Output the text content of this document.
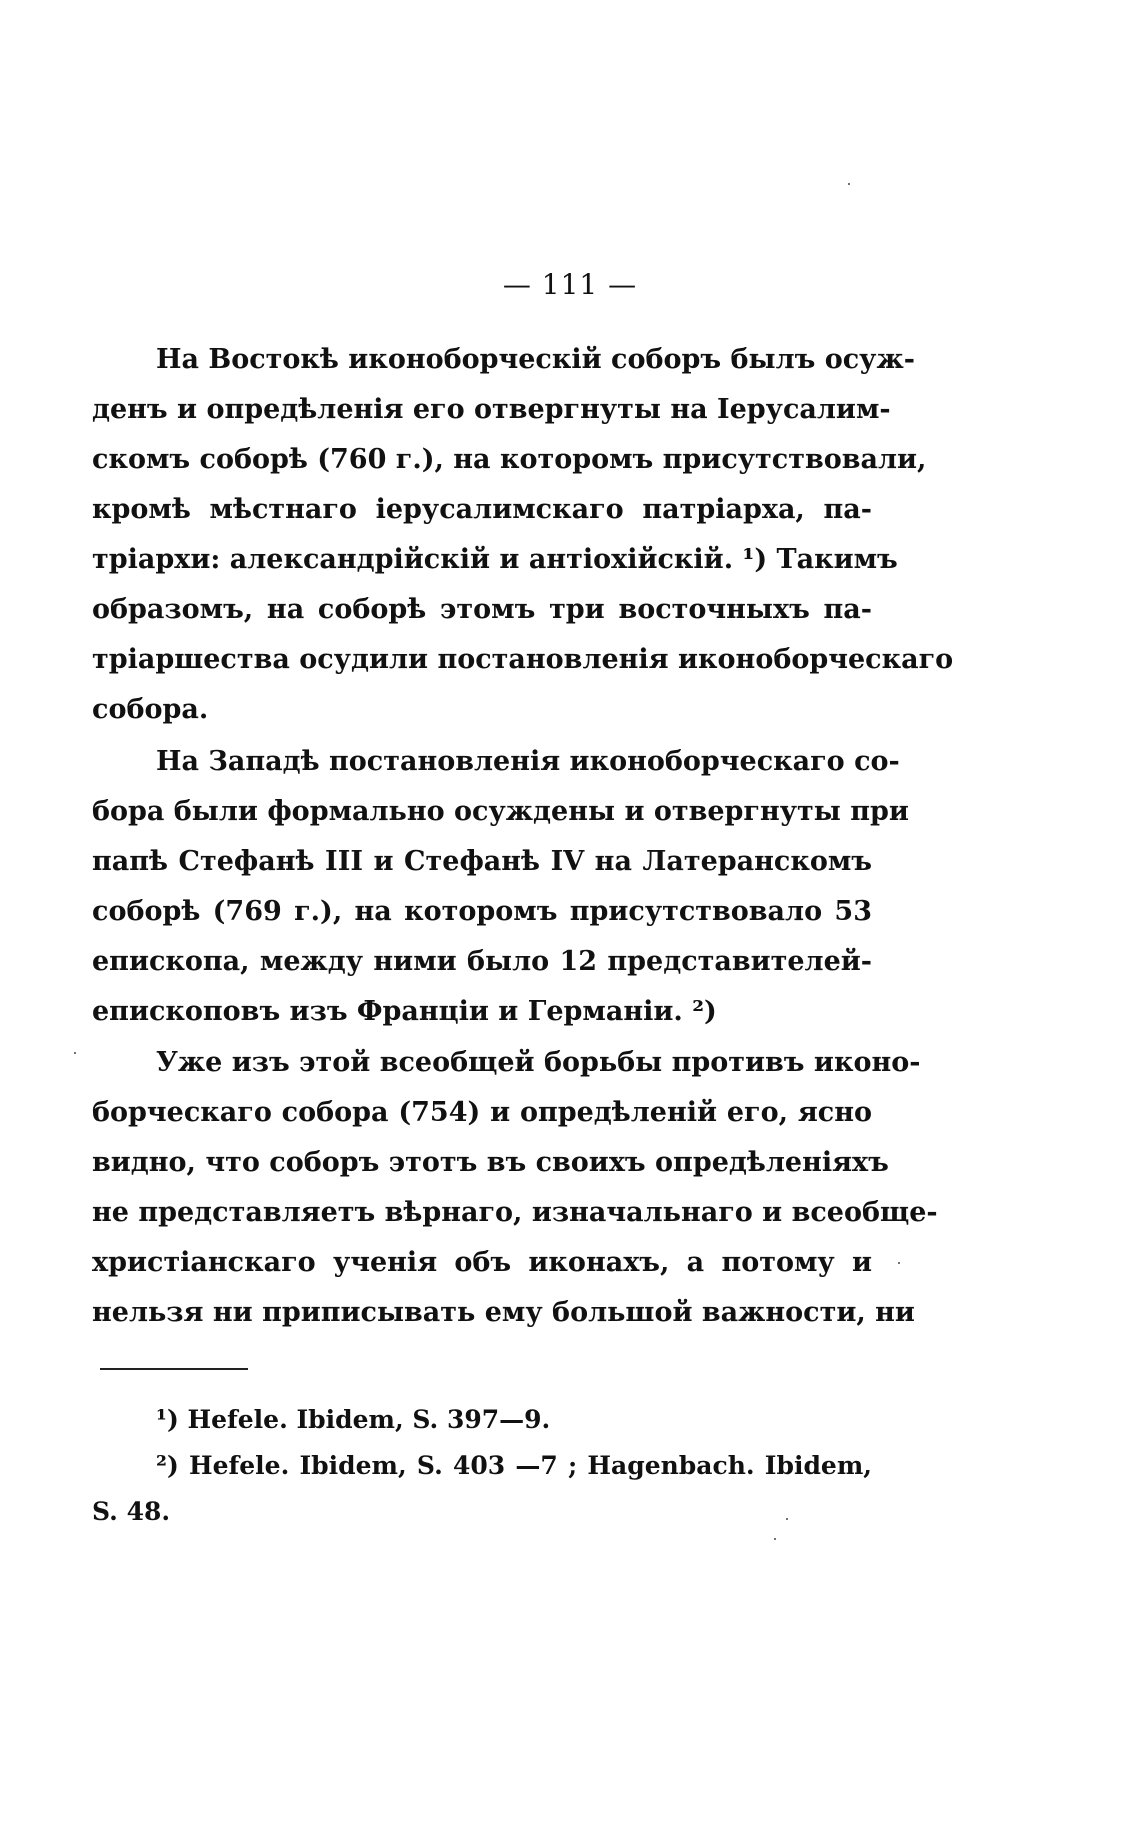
— 111 —
На Востокѣ иконоборческій соборъ былъ осуж-
денъ и опредѣленія его отвергнуты на Іерусалим-
скомъ соборѣ (760 г.), на которомъ присутствовали,
кромѣ мѣстнаго іерусалимскаго патріарха, па-
тріархи: александрійскій и антіохійскій. ¹) Такимъ
образомъ, на соборѣ этомъ три восточныхъ па-
тріаршества осудили постановленія иконоборческаго
собора.
На Западѣ постановленія иконоборческаго со-
бора были формально осуждены и отвергнуты при
папѣ Стефанѣ III и Стефанѣ IV на Латеранскомъ
соборѣ (769 г.), на которомъ присутствовало 53
епископа, между ними было 12 представителей-
епископовъ изъ Франціи и Германіи. ²)
Уже изъ этой всеобщей борьбы противъ иконо-
борческаго собора (754) и опредѣленій его, ясно
видно, что соборъ этотъ въ своихъ опредѣленіяхъ
не представляетъ вѣрнаго, изначальнаго и всеобще-
христіанскаго ученія объ иконахъ, а потому и
нельзя ни приписывать ему большой важности, ни
¹) Hefele. Ibidem, S. 397—9.
²) Hefele. Ibidem, S. 403 —7 ; Hagenbach. Ibidem,
S. 48.
